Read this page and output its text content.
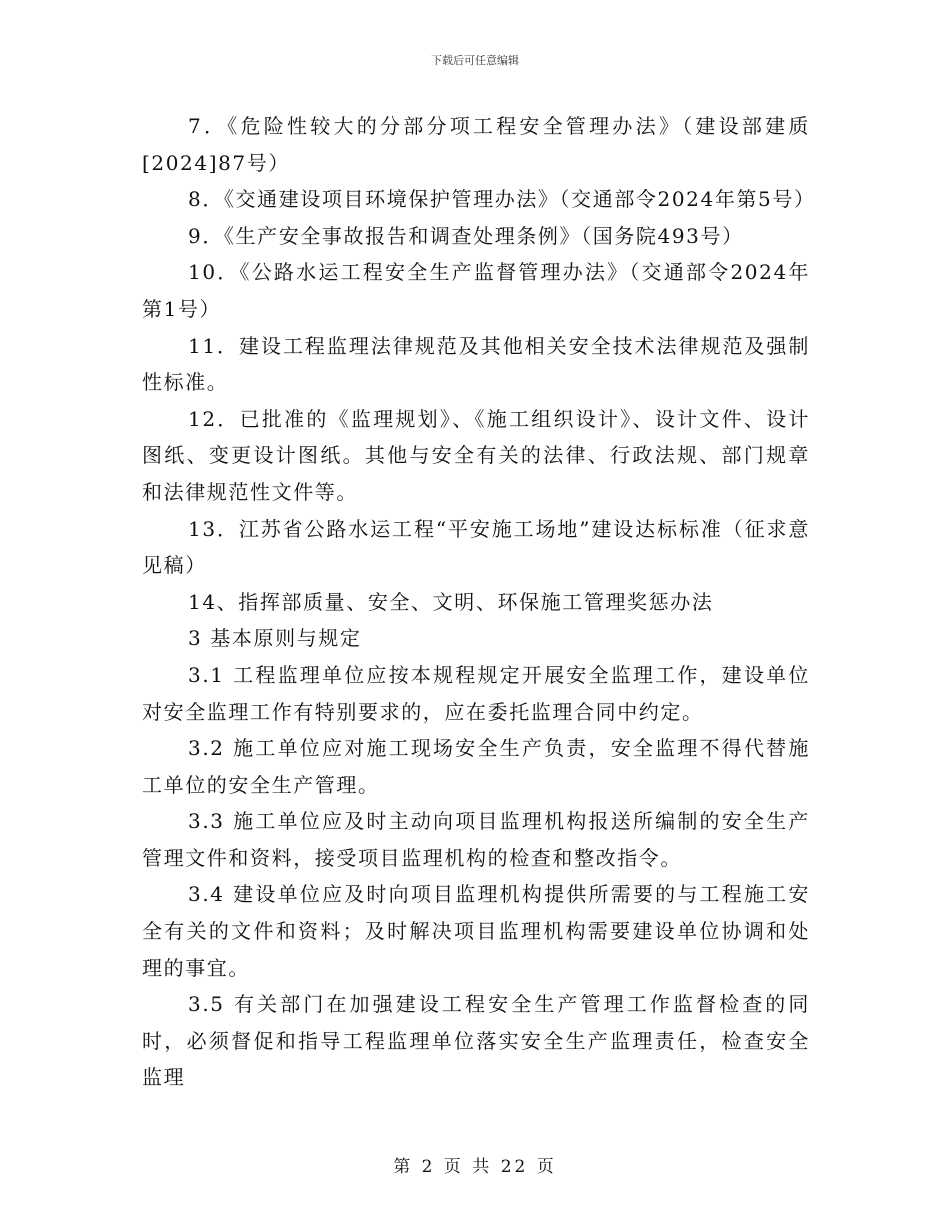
下载后可任意编辑

7．《危险性较大的分部分项工程安全管理办法》（建设部建质[2024]87号）

8．《交通建设项目环境保护管理办法》（交通部令2024年第5号）

9．《生产安全事故报告和调查处理条例》（国务院493号）

10．《公路水运工程安全生产监督管理办法》（交通部令2024年第1号）

11．建设工程监理法律规范及其他相关安全技术法律规范及强制性标准。

12．已批准的《监理规划》、《施工组织设计》、设计文件、设计图纸、变更设计图纸。其他与安全有关的法律、行政法规、部门规章和法律规范性文件等。

13．江苏省公路水运工程“平安施工场地”建设达标标准（征求意见稿）

14、指挥部质量、安全、文明、环保施工管理奖惩办法

3 基本原则与规定

3.1 工程监理单位应按本规程规定开展安全监理工作，建设单位对安全监理工作有特别要求的，应在委托监理合同中约定。

3.2 施工单位应对施工现场安全生产负责，安全监理不得代替施工单位的安全生产管理。

3.3 施工单位应及时主动向项目监理机构报送所编制的安全生产管理文件和资料，接受项目监理机构的检查和整改指令。

3.4 建设单位应及时向项目监理机构提供所需要的与工程施工安全有关的文件和资料；及时解决项目监理机构需要建设单位协调和处理的事宜。

3.5 有关部门在加强建设工程安全生产管理工作监督检查的同时，必须督促和指导工程监理单位落实安全生产监理责任，检查安全监理

第 2 页 共 22 页
